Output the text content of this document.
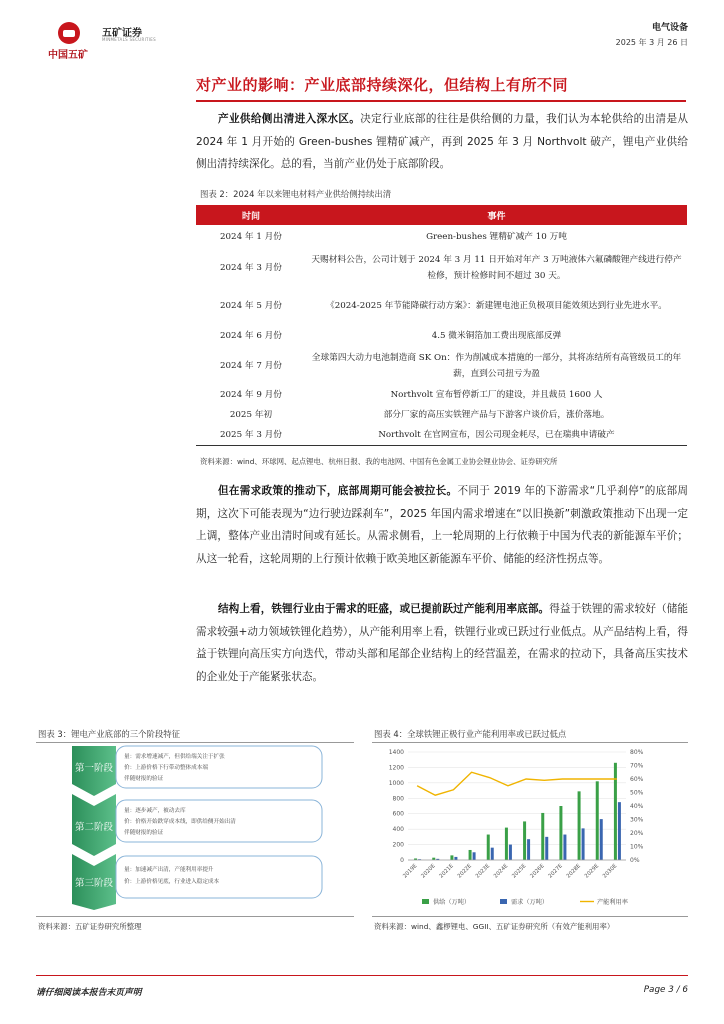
五矿证券
MINMETALS SECURITIES
中国五矿
电气设备
2025 年 3 月 26 日
对产业的影响：产业底部持续深化，但结构上有所不同
产业供给侧出清进入深水区。决定行业底部的往往是供给侧的力量，我们认为本轮供给的出清是从 2024 年 1 月开始的 Green-bushes 锂精矿减产，再到 2025 年 3 月 Northvolt 破产，锂电产业供给侧出清持续深化。总的看，当前产业仍处于底部阶段。
图表 2：2024 年以来锂电材料产业供给侧持续出清
时间	事件
2024 年 1 月份	Green-bushes 锂精矿减产 10 万吨
2024 年 3 月份	天赐材料公告，公司计划于 2024 年 3 月 11 日开始对年产 3 万吨液体六氟磷酸锂产线进行停产检修，预计检修时间不超过 30 天。
2024 年 5 月份	《2024-2025 年节能降碳行动方案》：新建锂电池正负极项目能效须达到行业先进水平。
2024 年 6 月份	4.5 微米铜箔加工费出现底部反弹
2024 年 7 月份	全球第四大动力电池制造商 SK On：作为削减成本措施的一部分，其将冻结所有高管级员工的年薪，直到公司扭亏为盈
2024 年 9 月份	Northvolt 宣布暂停新工厂的建设，并且裁员 1600 人
2025 年初	部分厂家的高压实铁锂产品与下游客户谈价后，涨价落地。
2025 年 3 月份	Northvolt 在官网宣布，因公司现金耗尽，已在瑞典申请破产
资料来源：wind、环球网、起点锂电、杭州日报、我的电池网、中国有色金属工业协会锂业协会、证券研究所
但在需求政策的推动下，底部周期可能会被拉长。不同于 2019 年的下游需求“几乎刹停”的底部周期，这次下可能表现为“边行驶边踩刹车”，2025 年国内需求增速在“以旧换新”刺激政策推动下出现一定上调，整体产业出清时间或有延长。从需求侧看，上一轮周期的上行依赖于中国为代表的新能源车平价；从这一轮看，这轮周期的上行预计依赖于欧美地区新能源车平价、储能的经济性拐点等。
结构上看，铁锂行业由于需求的旺盛，或已提前跃过产能利用率底部。得益于铁锂的需求较好（储能需求较强+动力领域铁锂化趋势），从产能利用率上看，铁锂行业或已跃过行业低点。从产品结构上看，得益于铁锂向高压实方向迭代，带动头部和尾部企业结构上的经营温差，在需求的拉动下，具备高压实技术的企业处于产能紧张状态。
图表 3：锂电产业底部的三个阶段特征
第一阶段
量：需求增速减产，但供给端关注于扩张
价：上游价格下行带动整体成本端
伴随财报的验证
第二阶段
量：逐步减产，被动去库
价：价格开始跌穿成本线，即供给侧开始出清
伴随财报的验证
第三阶段
量：加速减产出清，产能利用率提升
价：上游价格见底，行业进入稳定成本
资料来源：五矿证券研究所整理
图表 4：全球铁锂正极行业产能利用率或已跃过低点
0
200
400
600
800
1000
1200
1400
0%
10%
20%
30%
40%
50%
60%
70%
80%
2019E 2020E 2021E 2022E 2023E 2024E 2025E 2026E 2027E 2028E 2029E 2030E
供给（万吨）	需求（万吨）	产能利用率
资料来源：wind、鑫椤锂电、GGII、五矿证券研究所（有效产能利用率）
请仔细阅读本报告末页声明	Page 3 / 6
